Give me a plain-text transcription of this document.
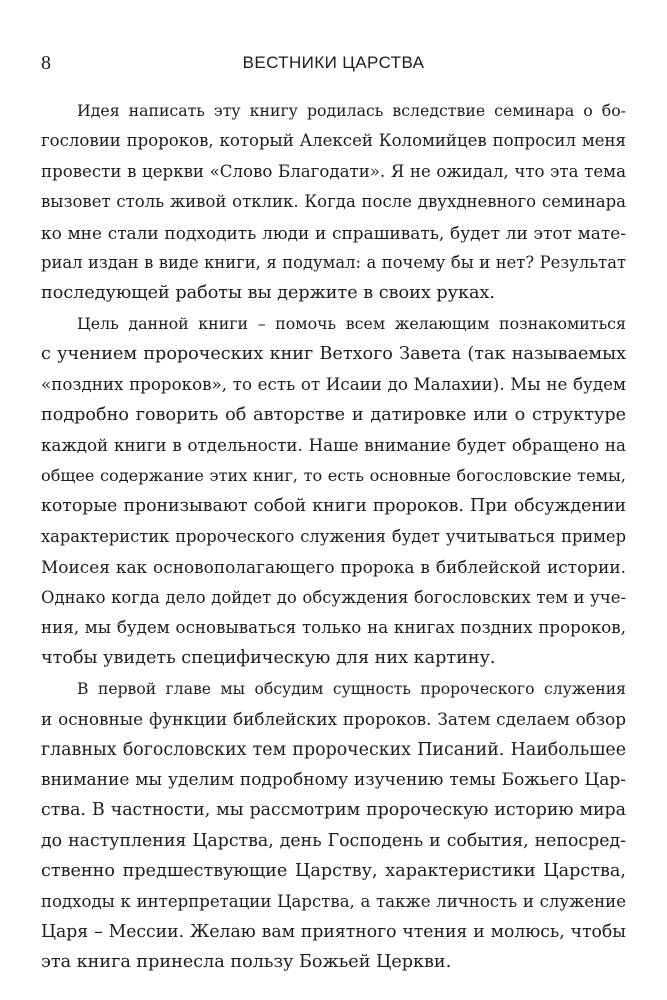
8	ВЕСТНИКИ ЦАРСТВА

Идея написать эту книгу родилась вследствие семинара о бо-
гословии пророков, который Алексей Коломийцев попросил меня
провести в церкви «Слово Благодати». Я не ожидал, что эта тема
вызовет столь живой отклик. Когда после двухдневного семинара
ко мне стали подходить люди и спрашивать, будет ли этот мате-
риал издан в виде книги, я подумал: а почему бы и нет? Результат
последующей работы вы держите в своих руках.

Цель данной книги – помочь всем желающим познакомиться
с учением пророческих книг Ветхого Завета (так называемых
«поздних пророков», то есть от Исаии до Малахии). Мы не будем
подробно говорить об авторстве и датировке или о структуре
каждой книги в отдельности. Наше внимание будет обращено на
общее содержание этих книг, то есть основные богословские темы,
которые пронизывают собой книги пророков. При обсуждении
характеристик пророческого служения будет учитываться пример
Моисея как основополагающего пророка в библейской истории.
Однако когда дело дойдет до обсуждения богословских тем и уче-
ния, мы будем основываться только на книгах поздних пророков,
чтобы увидеть специфическую для них картину.

В первой главе мы обсудим сущность пророческого служения
и основные функции библейских пророков. Затем сделаем обзор
главных богословских тем пророческих Писаний. Наибольшее
внимание мы уделим подробному изучению темы Божьего Цар-
ства. В частности, мы рассмотрим пророческую историю мира
до наступления Царства, день Господень и события, непосред-
ственно предшествующие Царству, характеристики Царства,
подходы к интерпретации Царства, а также личность и служение
Царя – Мессии. Желаю вам приятного чтения и молюсь, чтобы
эта книга принесла пользу Божьей Церкви.
